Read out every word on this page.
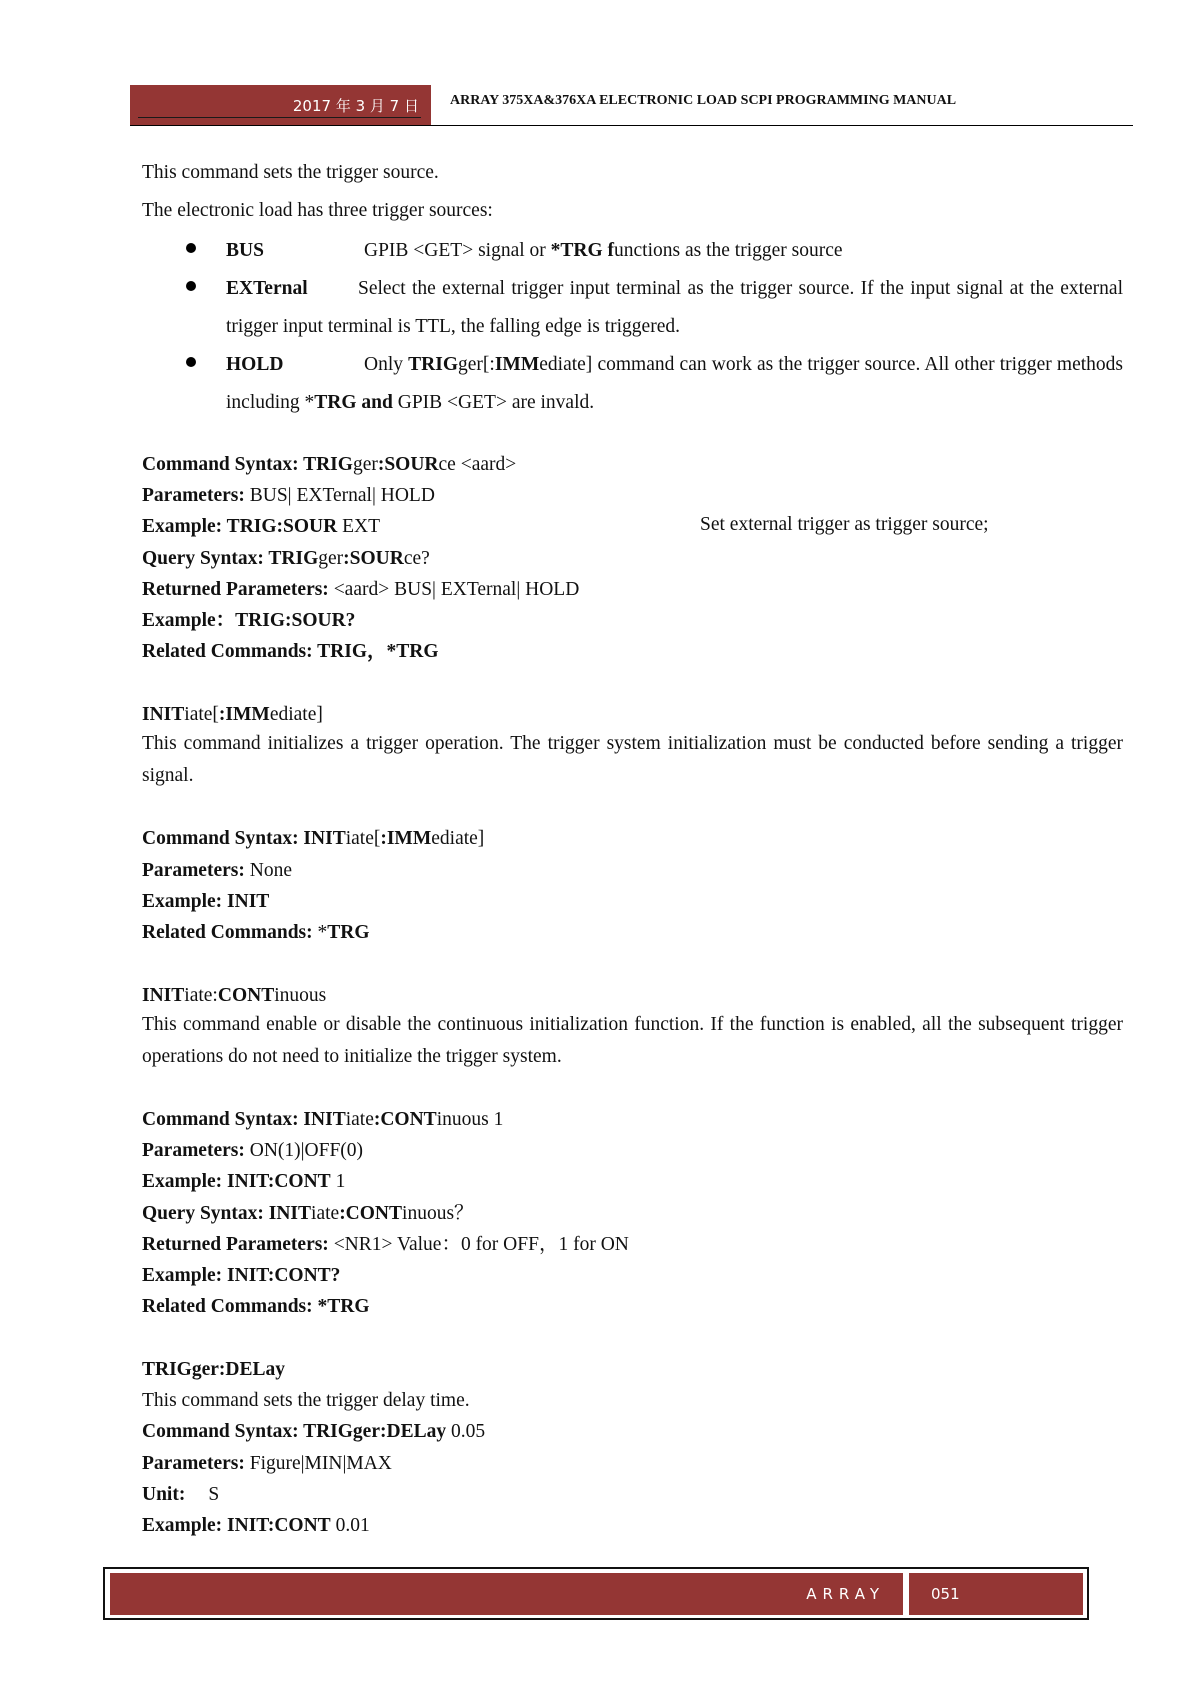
2017 年 3 月 7 日	ARRAY 375XA&376XA ELECTRONIC LOAD SCPI PROGRAMMING MANUAL
This command sets the trigger source.
The electronic load has three trigger sources:
BUS	GPIB <GET> signal or *TRG functions as the trigger source
EXTernal	Select the external trigger input terminal as the trigger source. If the input signal at the external trigger input terminal is TTL, the falling edge is triggered.
HOLD	Only TRIGger[:IMMediate] command can work as the trigger source. All other trigger methods including *TRG and GPIB <GET> are invald.
Command Syntax: TRIGger:SOURce <aard>
Parameters: BUS| EXTernal| HOLD
Example: TRIG:SOUR EXT	Set external trigger as trigger source;
Query Syntax: TRIGger:SOURce?
Returned Parameters: <aard> BUS| EXTernal| HOLD
Example：TRIG:SOUR?
Related Commands: TRIG，*TRG
INITiate[:IMMediate]
This command initializes a trigger operation. The trigger system initialization must be conducted before sending a trigger signal.
Command Syntax: INITiate[:IMMediate]
Parameters: None
Example: INIT
Related Commands: *TRG
INITiate:CONTinuous
This command enable or disable the continuous initialization function. If the function is enabled, all the subsequent trigger operations do not need to initialize the trigger system.
Command Syntax: INITiate:CONTinuous 1
Parameters: ON(1)|OFF(0)
Example: INIT:CONT 1
Query Syntax: INITiate:CONTinuous？
Returned Parameters: <NR1> Value：0 for OFF，1 for ON
Example: INIT:CONT?
Related Commands: *TRG
TRIGger:DELay
This command sets the trigger delay time.
Command Syntax: TRIGger:DELay 0.05
Parameters: Figure|MIN|MAX
Unit: S
Example: INIT:CONT 0.01
ARRAY	051
